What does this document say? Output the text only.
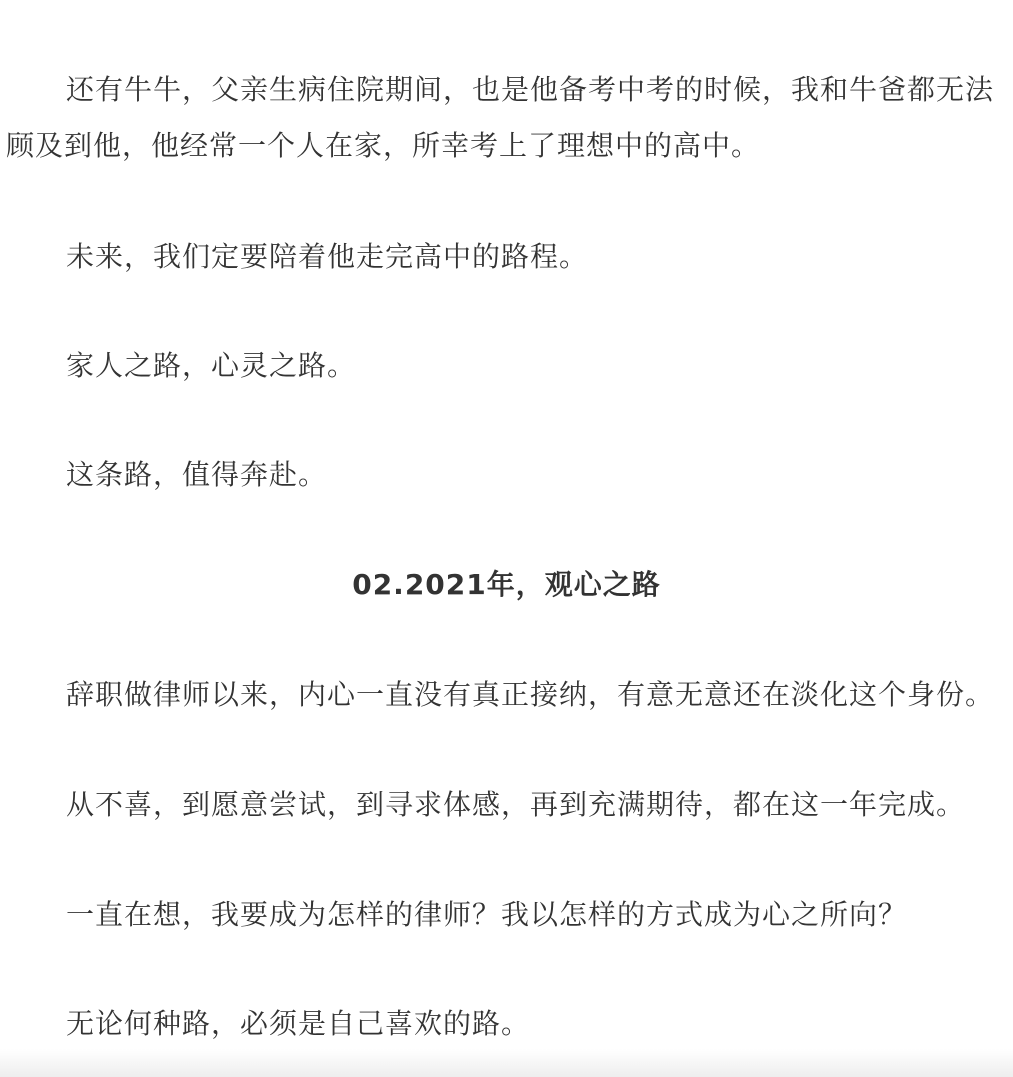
还有牛牛，父亲生病住院期间，也是他备考中考的时候，我和牛爸都无法

顾及到他，他经常一个人在家，所幸考上了理想中的高中。

未来，我们定要陪着他走完高中的路程。

家人之路，心灵之路。

这条路，值得奔赴。

02.2021年，观心之路

辞职做律师以来，内心一直没有真正接纳，有意无意还在淡化这个身份。

从不喜，到愿意尝试，到寻求体感，再到充满期待，都在这一年完成。

一直在想，我要成为怎样的律师？我以怎样的方式成为心之所向？

无论何种路，必须是自己喜欢的路。
